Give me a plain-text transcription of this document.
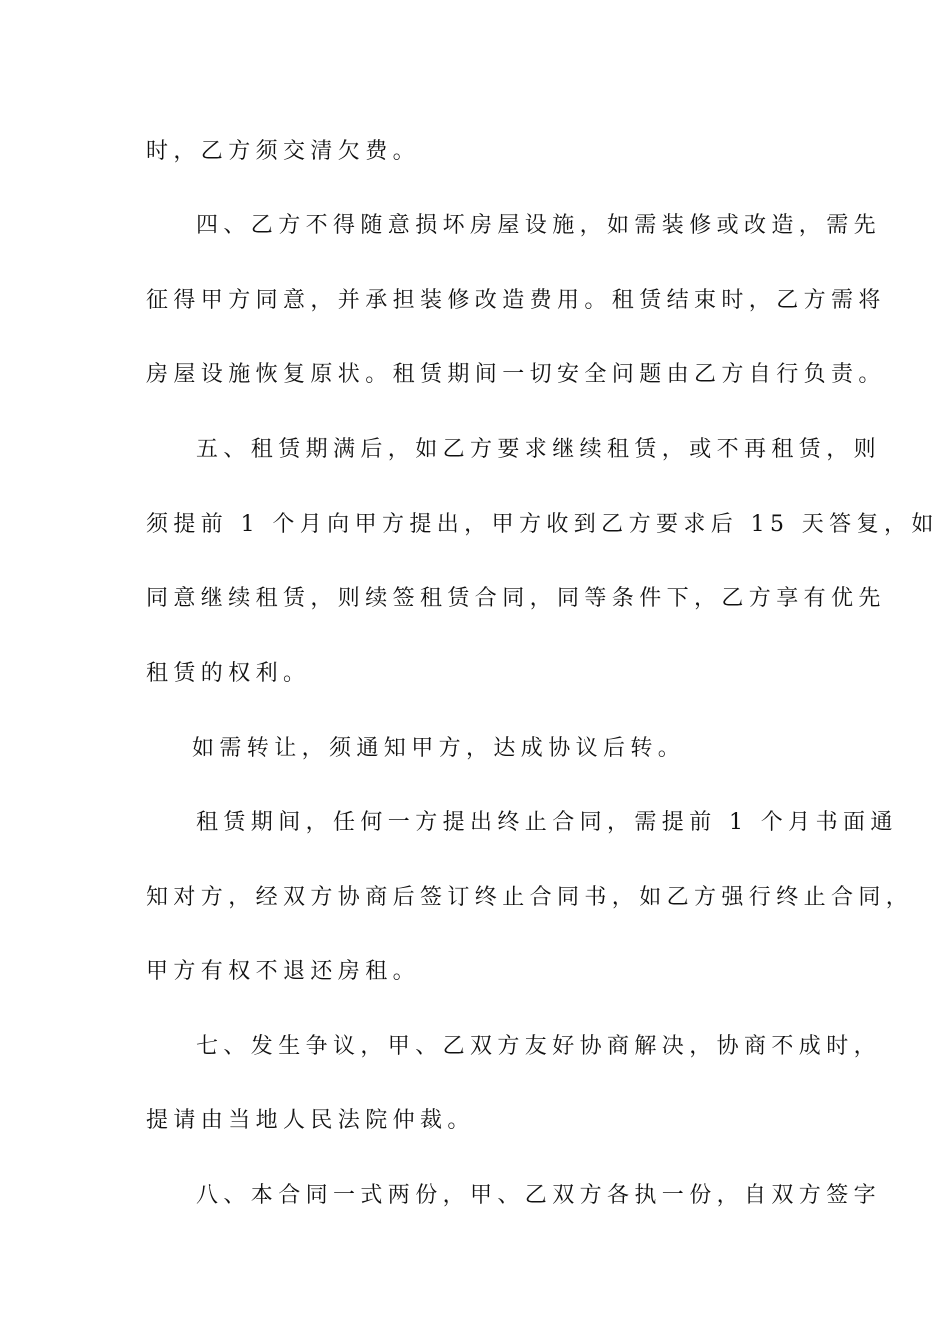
时，乙方须交清欠费。
四、乙方不得随意损坏房屋设施，如需装修或改造，需先
征得甲方同意，并承担装修改造费用。租赁结束时，乙方需将
房屋设施恢复原状。租赁期间一切安全问题由乙方自行负责。
五、租赁期满后，如乙方要求继续租赁，或不再租赁，则
须提前 1 个月向甲方提出，甲方收到乙方要求后 15 天答复，如
同意继续租赁，则续签租赁合同，同等条件下，乙方享有优先
租赁的权利。
如需转让，须通知甲方，达成协议后转。
租赁期间，任何一方提出终止合同，需提前 1 个月书面通
知对方，经双方协商后签订终止合同书，如乙方强行终止合同，
甲方有权不退还房租。
七、发生争议，甲、乙双方友好协商解决，协商不成时，
提请由当地人民法院仲裁。
八、本合同一式两份，甲、乙双方各执一份，自双方签字
